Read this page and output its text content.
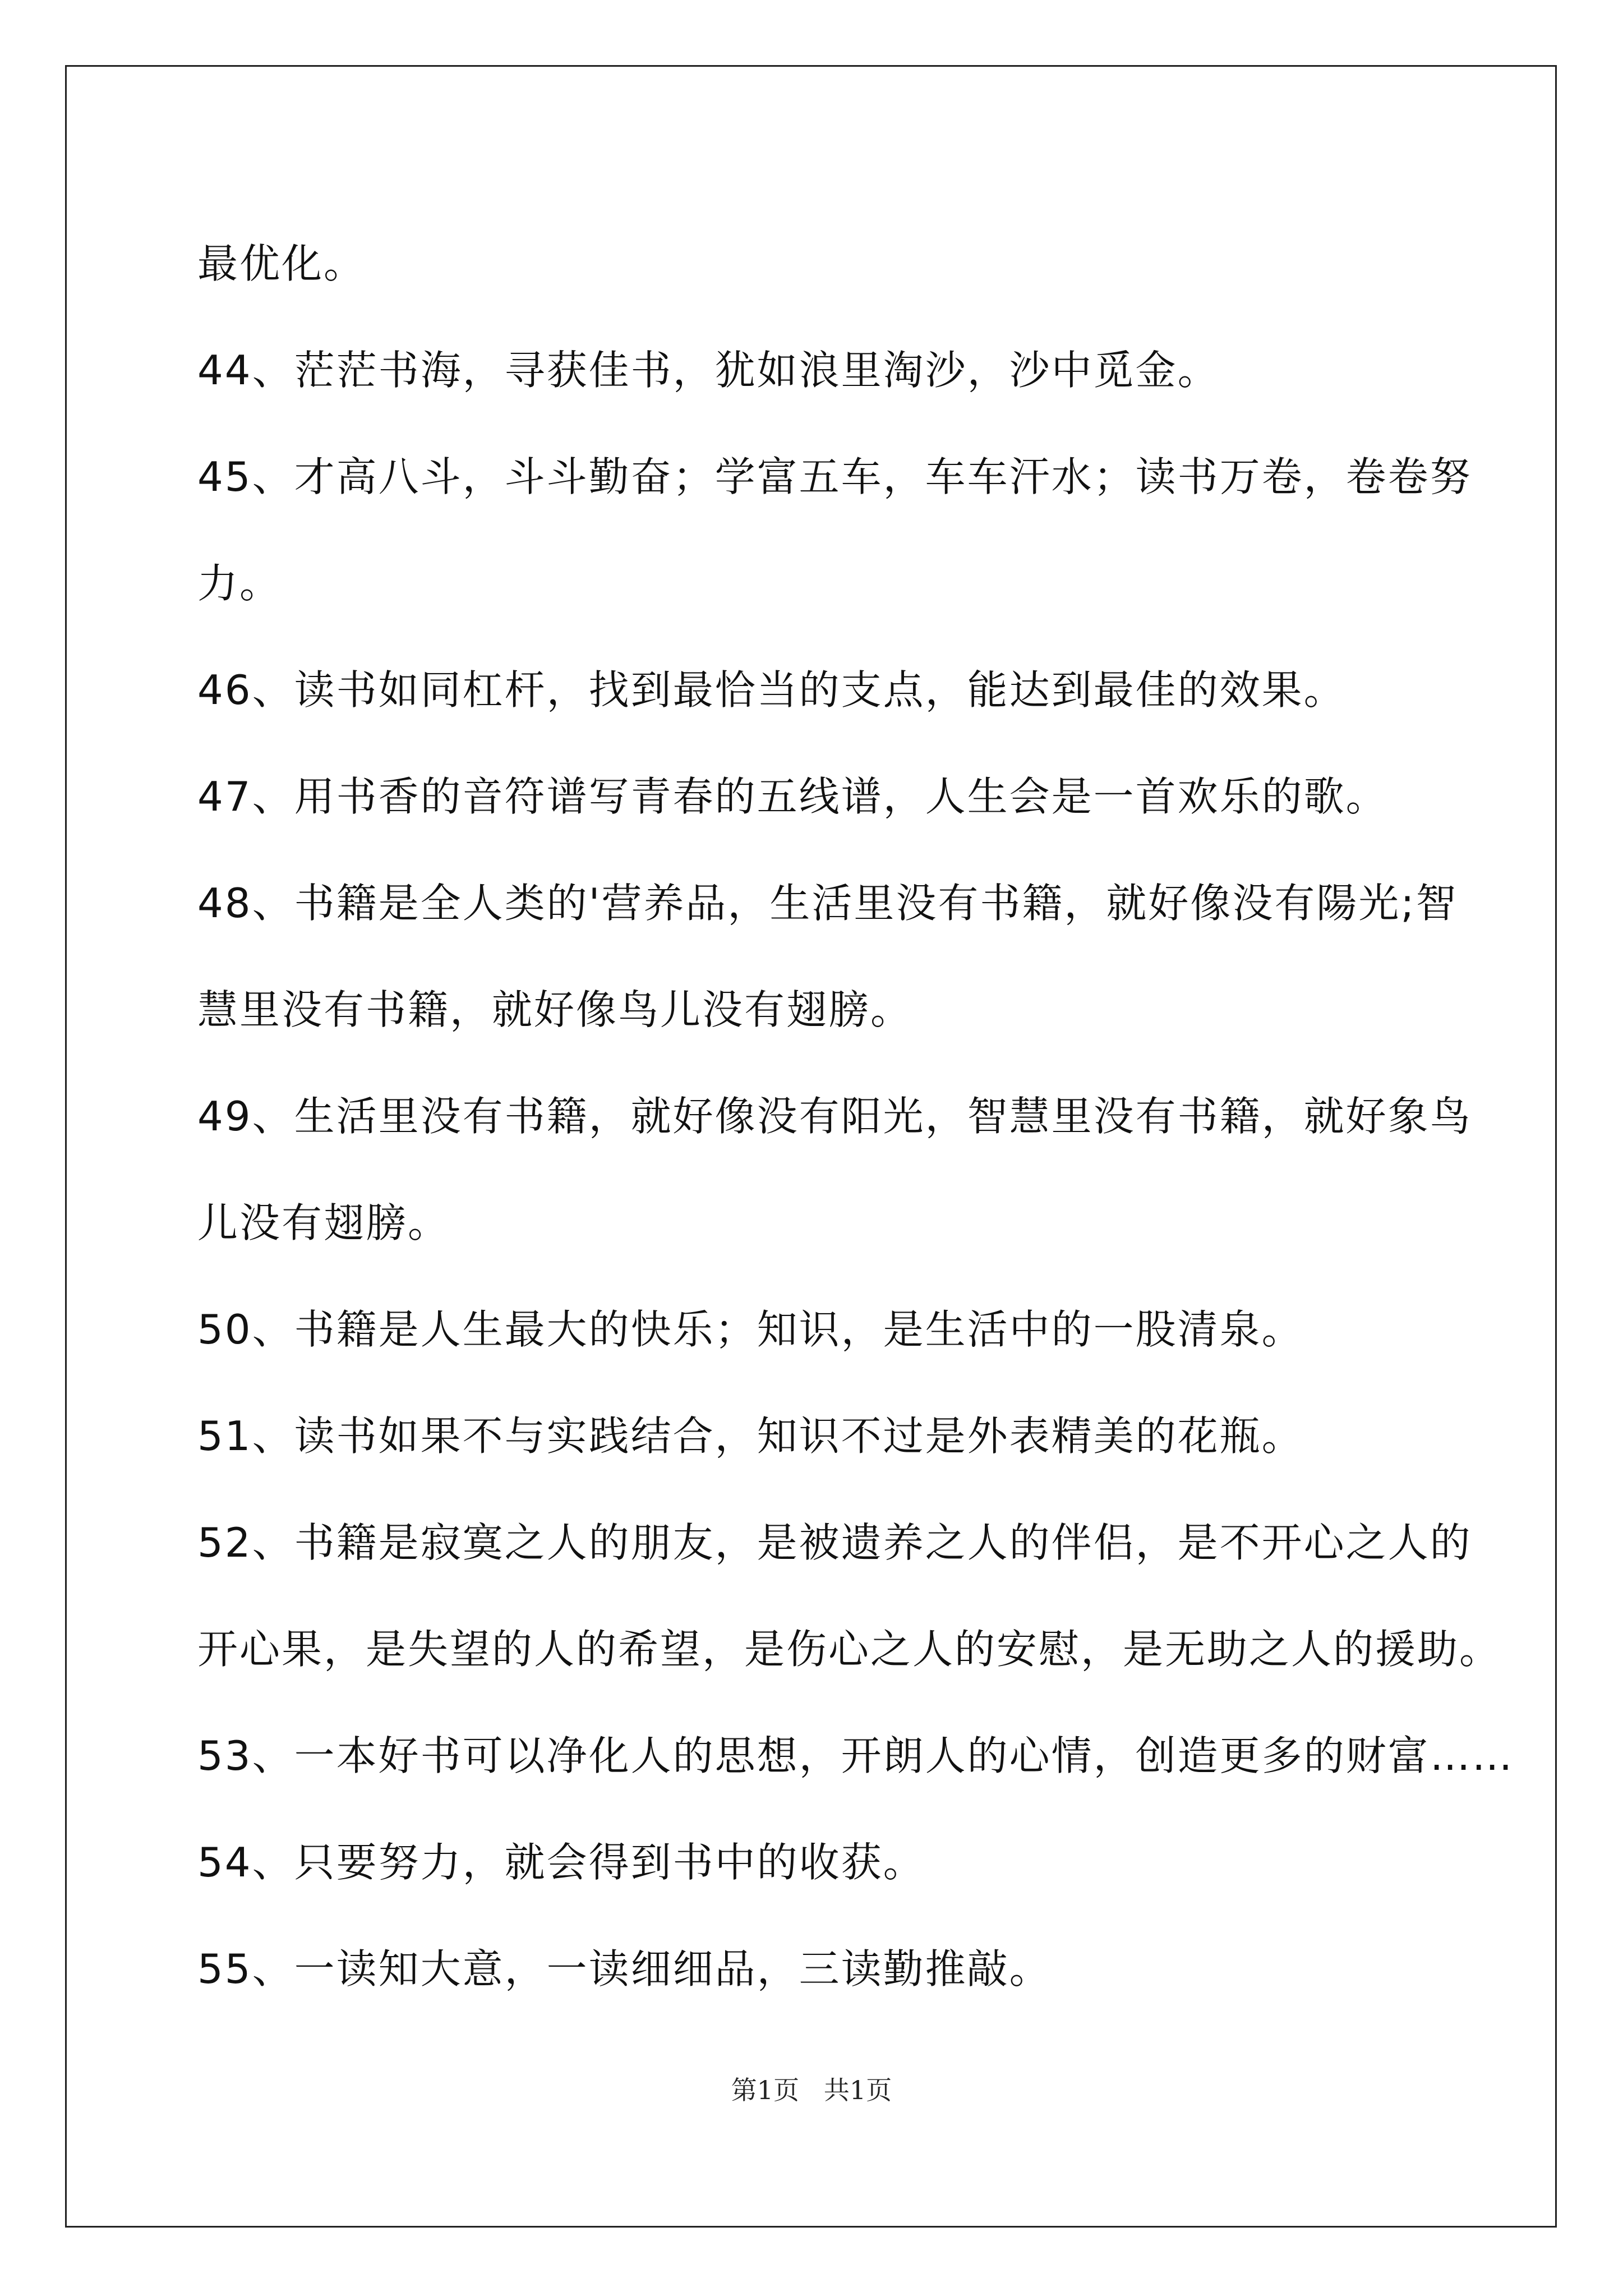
最优化。
44、茫茫书海，寻获佳书，犹如浪里淘沙，沙中觅金。
45、才高八斗，斗斗勤奋；学富五车，车车汗水；读书万卷，卷卷努
力。
46、读书如同杠杆，找到最恰当的支点，能达到最佳的效果。
47、用书香的音符谱写青春的五线谱，人生会是一首欢乐的歌。
48、书籍是全人类的'营养品，生活里没有书籍，就好像没有陽光;智
慧里没有书籍，就好像鸟儿没有翅膀。
49、生活里没有书籍，就好像没有阳光，智慧里没有书籍，就好象鸟
儿没有翅膀。
50、书籍是人生最大的快乐；知识，是生活中的一股清泉。
51、读书如果不与实践结合，知识不过是外表精美的花瓶。
52、书籍是寂寞之人的朋友，是被遗养之人的伴侣，是不开心之人的
开心果，是失望的人的希望，是伤心之人的安慰，是无助之人的援助。
53、一本好书可以净化人的思想，开朗人的心情，创造更多的财富……
54、只要努力，就会得到书中的收获。
55、一读知大意，一读细细品，三读勤推敲。
第1页   共1页
